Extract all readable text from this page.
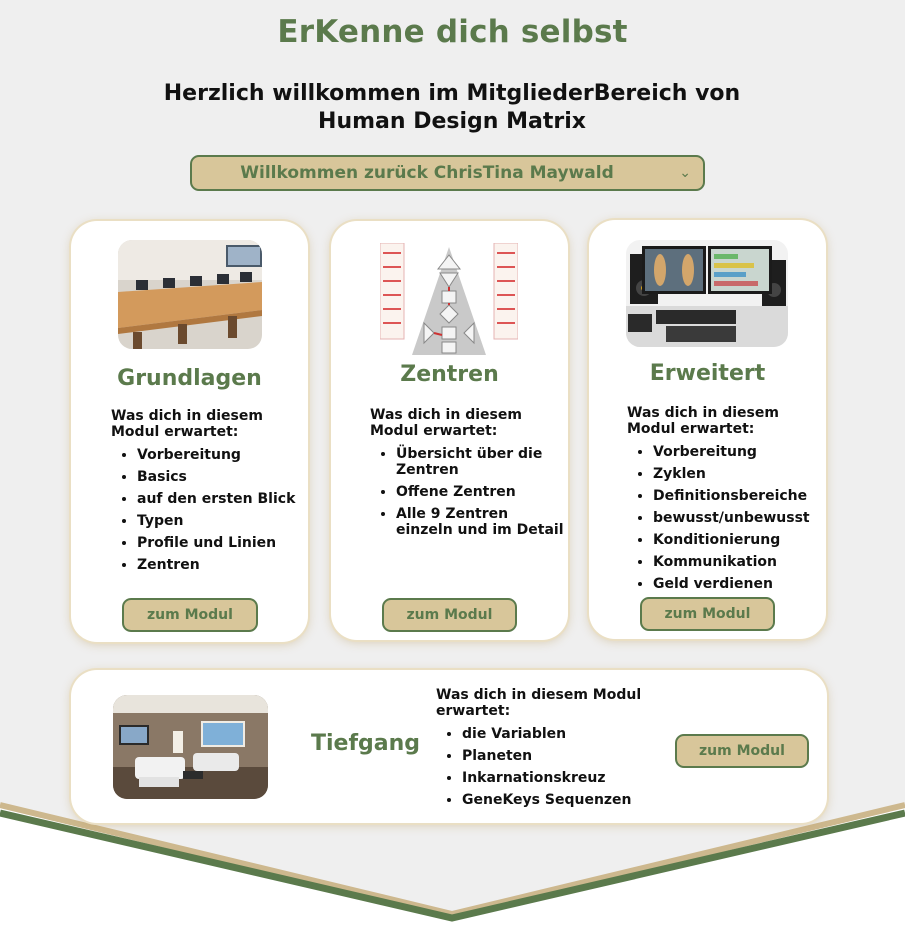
ErKenne dich selbst
Herzlich willkommen im MitgliederBereich von
Human Design Matrix
Willkommen zurück ChrisTina Maywald	⌄
Grundlagen
Was dich in diesem Modul erwartet:
• Vorbereitung
• Basics
• auf den ersten Blick
• Typen
• Profile und Linien
• Zentren
zum Modul
Zentren
Was dich in diesem Modul erwartet:
• Übersicht über die Zentren
• Offene Zentren
• Alle 9 Zentren einzeln und im Detail
zum Modul
Erweitert
Was dich in diesem Modul erwartet:
• Vorbereitung
• Zyklen
• Definitionsbereiche
• bewusst/unbewusst
• Konditionierung
• Kommunikation
• Geld verdienen
zum Modul
Tiefgang
Was dich in diesem Modul erwartet:
• die Variablen
• Planeten
• Inkarnationskreuz
• GeneKeys Sequenzen
zum Modul
